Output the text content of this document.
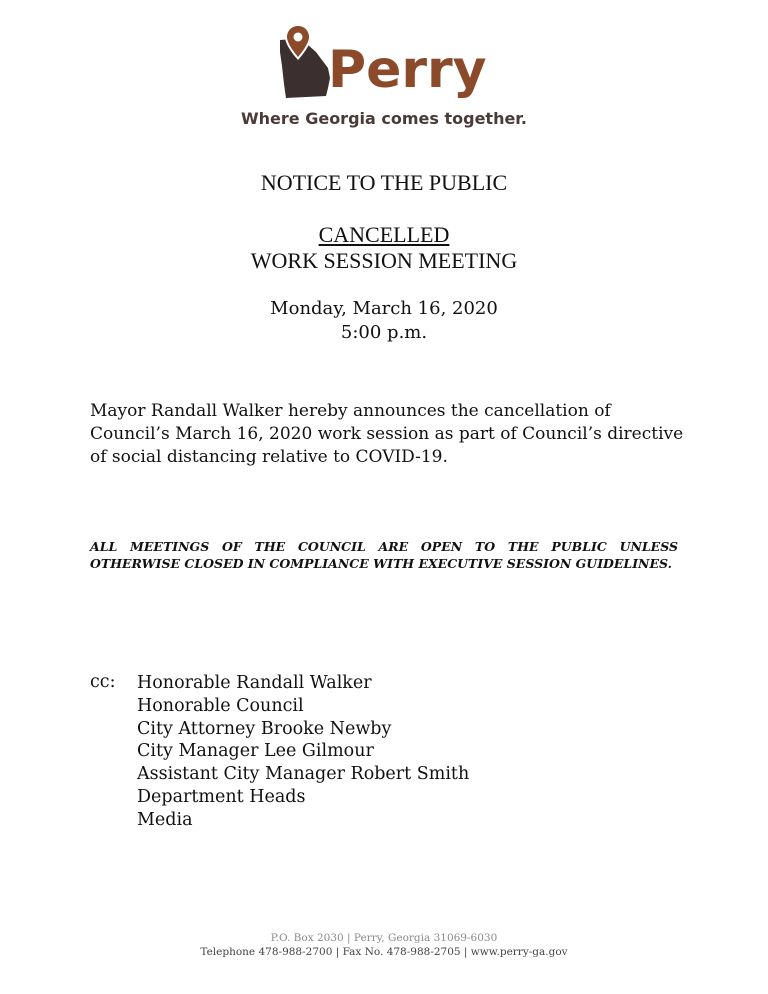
Perry
Where Georgia comes together.
NOTICE TO THE PUBLIC
CANCELLED
WORK SESSION MEETING
Monday, March 16, 2020
5:00 p.m.
Mayor Randall Walker hereby announces the cancellation of Council’s March 16, 2020 work session as part of Council’s directive of social distancing relative to COVID-19.
ALL MEETINGS OF THE COUNCIL ARE OPEN TO THE PUBLIC UNLESS OTHERWISE CLOSED IN COMPLIANCE WITH EXECUTIVE SESSION GUIDELINES.
cc: Honorable Randall Walker
Honorable Council
City Attorney Brooke Newby
City Manager Lee Gilmour
Assistant City Manager Robert Smith
Department Heads
Media
P.O. Box 2030 | Perry, Georgia 31069-6030
Telephone 478-988-2700 | Fax No. 478-988-2705 | www.perry-ga.gov
